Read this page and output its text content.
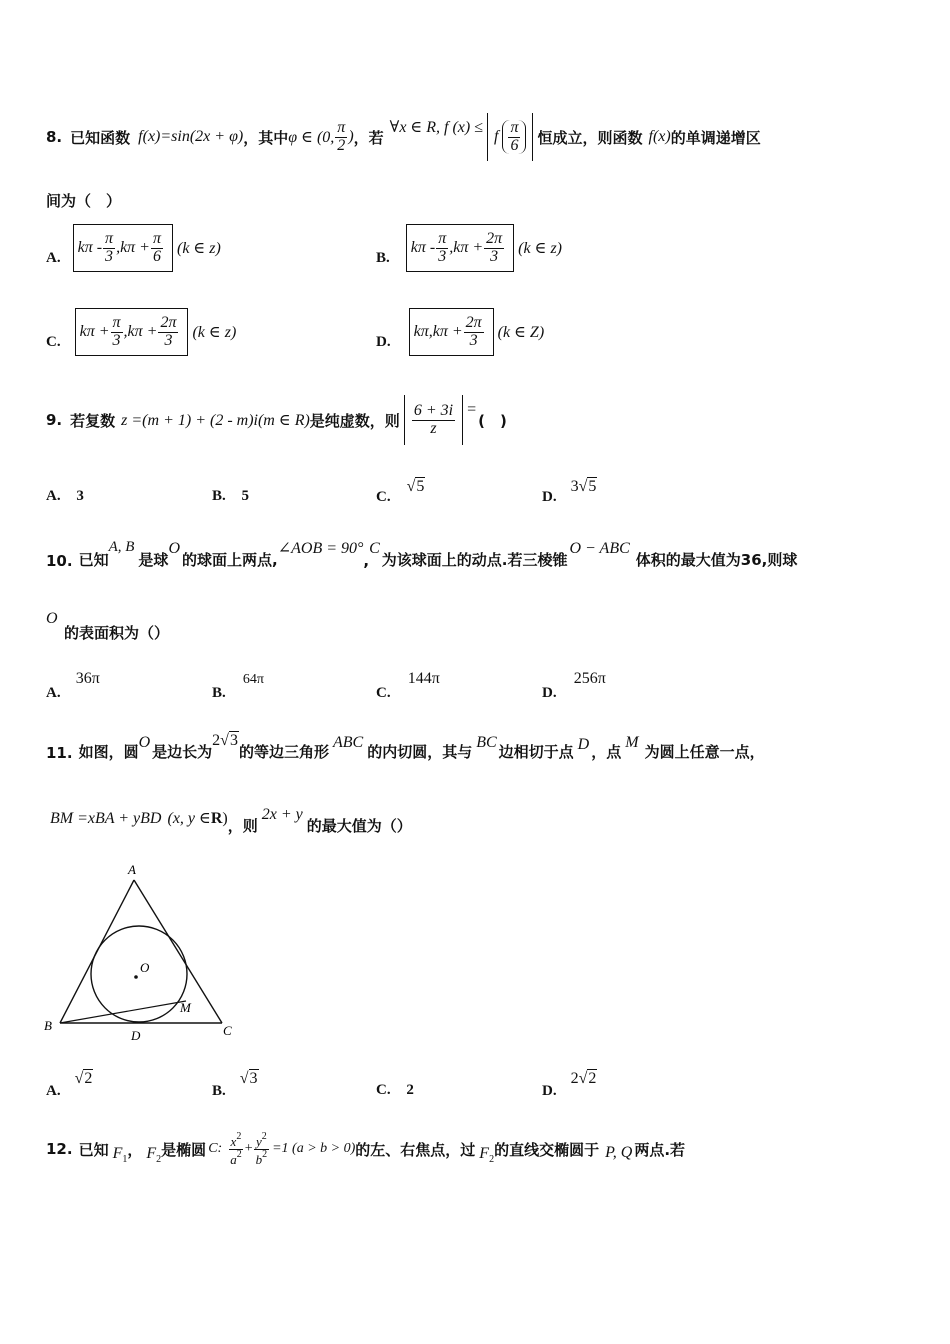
8. 已知函数 f (x) =sin(2x + φ) ，其中 φ ∈ (0, $\frac{\pi}{2}$ ) ，若
∀x ∈ R, f (x) ≤
f $\frac{\pi}{6}$ 恒成立，则函数 f (x) 的单调递增区
间为（　）
A.
$k\pi - \frac{\pi}{3} ,k\pi + \frac{\pi}{6} (k$ ∈ z)
B.
$k\pi - \frac{\pi}{3} ,k\pi + \frac{2\pi}{3} (k$ ∈ z)
C.
$k\pi + \frac{\pi}{3} ,k\pi + \frac{2\pi}{3} (k$ ∈ z)
D.
$k\pi,k\pi + \frac{2\pi}{3} (k$ ∈ Z)
9. 若复数 z =(m + 1) + (2 - m)i(m ∈ R) 是纯虚数，则 $\frac{6 + 3i}{z}$ =
(　)
A. 3	B. 5	C.
√5
D.
3 √5
10. 已知
A, B
是球
O
的球面上两点,
∠AOB = 90°
,
C
为该球面上的动点.若三棱锥
O − ABC
体积的最大值为36,则球
O
的表面积为（）
A. 36π
B. 64π
C. 144π
D. 256π
11. 如图，圆
O
是边长为
2 √3
的等边三角形
ABC
的内切圆，其与
BC
边相切于点 D ，点
M
为圆上任意一点，
BM =xBA + yBD (x, y ∈ R ) ，则
2x + y
的最大值为（）
A
B	C
D
O
M
A.
√2
B.
√3
C. 2	D.
2 √2
12. 已知 $F_1$
， $F_2$
是椭圆 C: $\frac{x^2}{a^2} + \frac{y^2}{b^2} =1$ (a > b > 0) 的左、右焦点，过 $F_2$
的直线交椭圆于 P, Q 两点.若
